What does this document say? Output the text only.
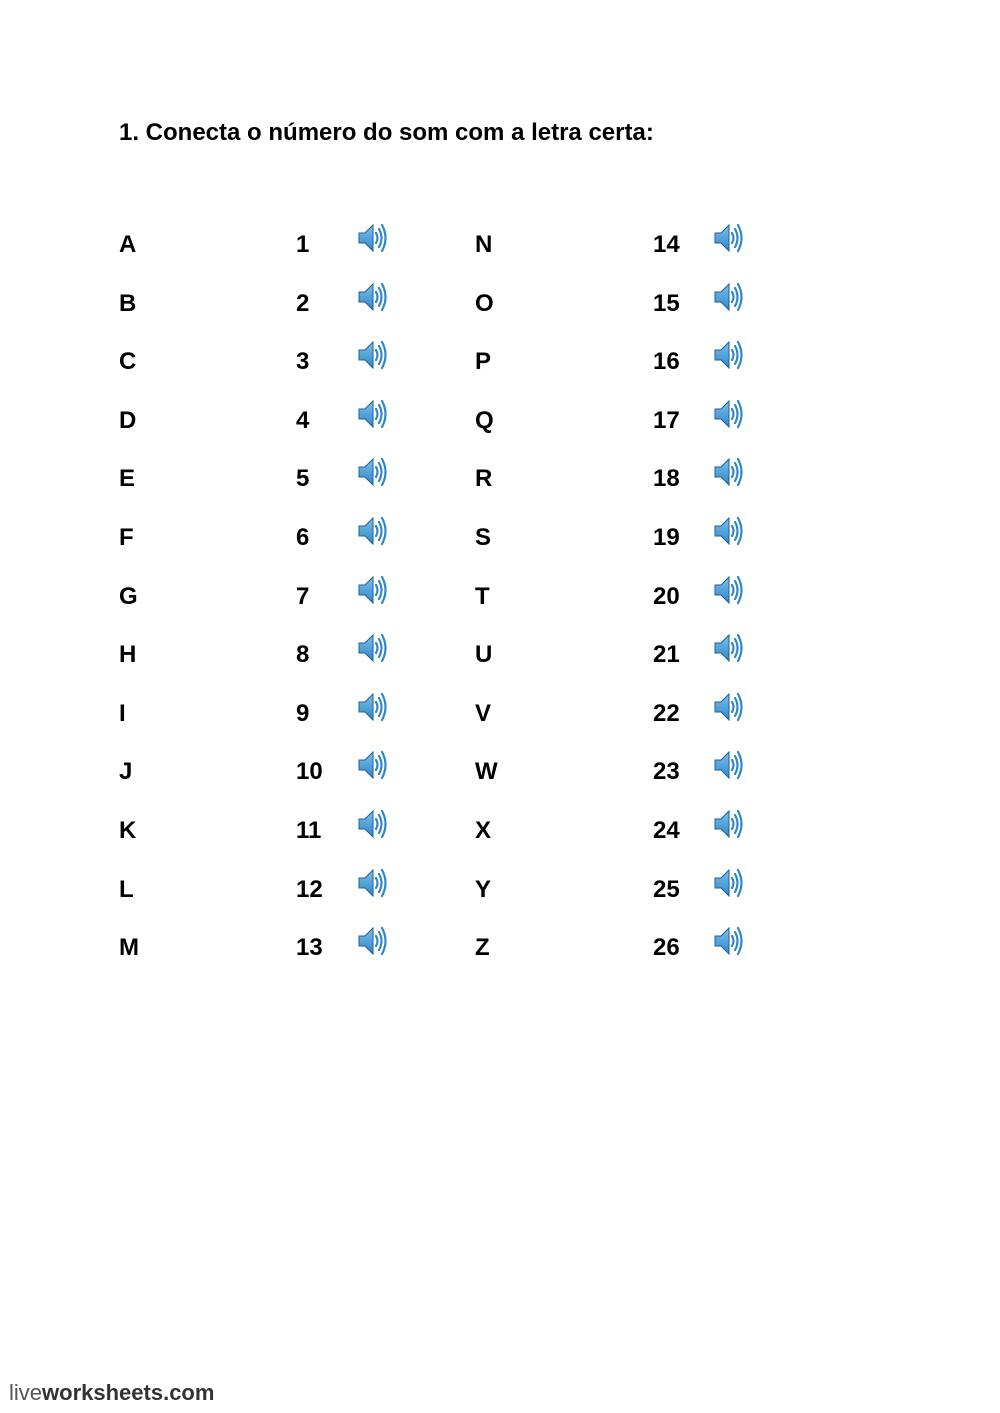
1. Conecta o número do som com a letra certa:
A	1	N	14
B	2	O	15
C	3	P	16
D	4	Q	17
E	5	R	18
F	6	S	19
G	7	T	20
H	8	U	21
I	9	V	22
J	10	W	23
K	11	X	24
L	12	Y	25
M	13	Z	26
liveworksheets.com
